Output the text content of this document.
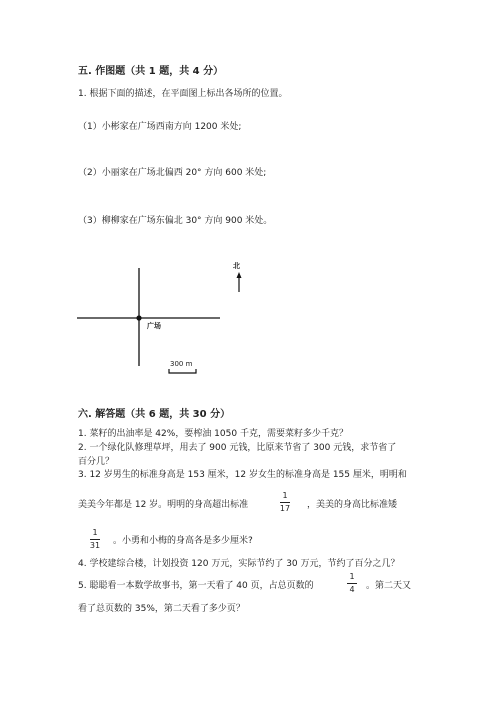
五. 作图题（共 1 题，共 4 分）
1. 根据下面的描述，在平面图上标出各场所的位置。
（1）小彬家在广场西南方向 1200 米处;
（2）小丽家在广场北偏西 20° 方向 600 米处;
（3）柳柳家在广场东偏北 30° 方向 900 米处。
北
广场
300 m
六. 解答题（共 6 题，共 30 分）
1. 菜籽的出油率是 42%，要榨油 1050 千克，需要菜籽多少千克？
2. 一个绿化队修理草坪，用去了 900 元钱，比原来节省了 300 元钱，求节省了
百分几？
3. 12 岁男生的标准身高是 153 厘米，12 岁女生的标准身高是 155 厘米，明明和
美美今年都是 12 岁。明明的身高超出标准
1
17 ，美美的身高比标准矮
1
31 。小勇和小梅的身高各是多少厘米?
4. 学校建综合楼，计划投资 120 万元，实际节约了 30 万元，节约了百分之几？
5. 聪聪看一本数学故事书，第一天看了 40 页，占总页数的
1
4	。第二天又
看了总页数的 35%，第二天看了多少页？
